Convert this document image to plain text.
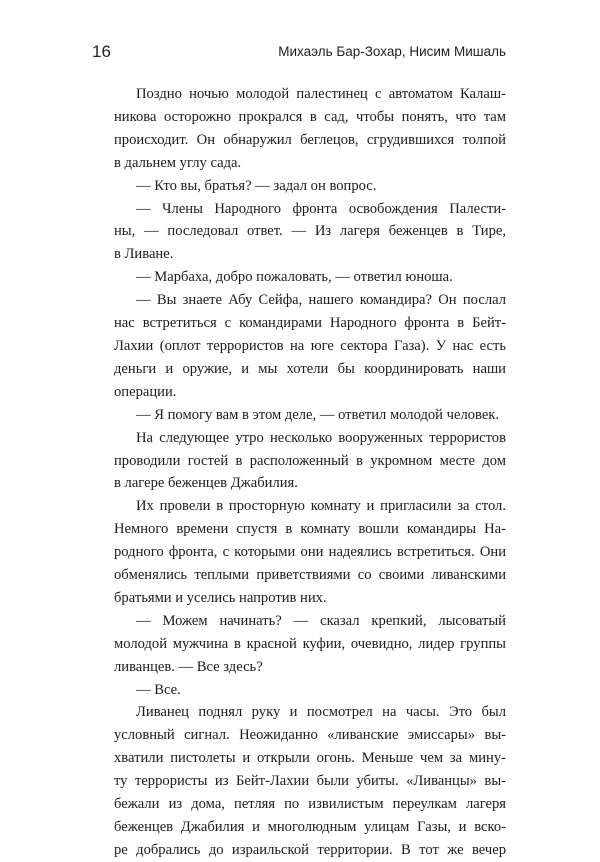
16	Михаэль Бар-Зохар, Нисим Мишаль
Поздно ночью молодой палестинец с автоматом Калаш-
никова осторожно прокрался в сад, чтобы понять, что там
происходит. Он обнаружил беглецов, сгрудившихся толпой
в дальнем углу сада.
— Кто вы, братья? — задал он вопрос.
— Члены Народного фронта освобождения Палести-
ны, — последовал ответ. — Из лагеря беженцев в Тире,
в Ливане.
— Марбаха, добро пожаловать, — ответил юноша.
— Вы знаете Абу Сейфа, нашего командира? Он послал
нас встретиться с командирами Народного фронта в Бейт-
Лахии (оплот террористов на юге сектора Газа). У нас есть
деньги и оружие, и мы хотели бы координировать наши
операции.
— Я помогу вам в этом деле, — ответил молодой человек.
На следующее утро несколько вооруженных террористов
проводили гостей в расположенный в укромном месте дом
в лагере беженцев Джабилия.
Их провели в просторную комнату и пригласили за стол.
Немного времени спустя в комнату вошли командиры На-
родного фронта, с которыми они надеялись встретиться. Они
обменялись теплыми приветствиями со своими ливанскими
братьями и уселись напротив них.
— Можем начинать? — сказал крепкий, лысоватый
молодой мужчина в красной куфии, очевидно, лидер группы
ливанцев. — Все здесь?
— Все.
Ливанец поднял руку и посмотрел на часы. Это был
условный сигнал. Неожиданно «ливанские эмиссары» вы-
хватили пистолеты и открыли огонь. Меньше чем за мину-
ту террористы из Бейт-Лахии были убиты. «Ливанцы» вы-
бежали из дома, петляя по извилистым переулкам лагеря
беженцев Джабилия и многолюдным улицам Газы, и вско-
ре добрались до израильской территории. В тот же вечер
